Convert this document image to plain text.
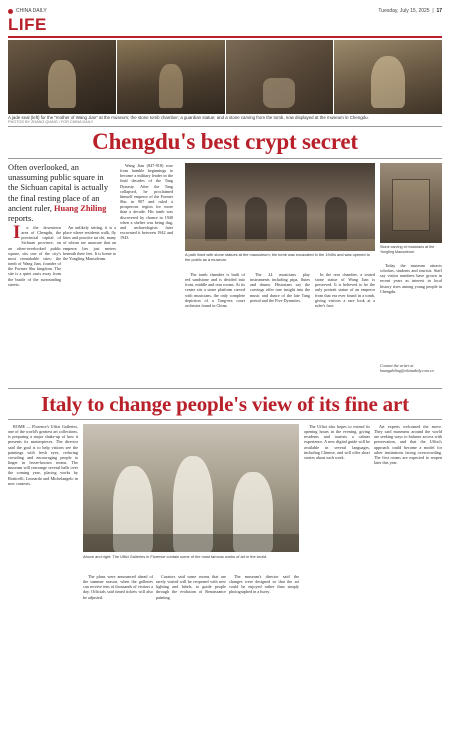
CHINA DAILY	Tuesday, July 15, 2025  |  17
LIFE
A jade seal (left) for the "mother of Wang Jian" at the museum; the stone tomb chamber; a guardian statue; and a stone carving from the tomb, now displayed at the museum in Chengdu.
PHOTOS BY ZHANG QIANG / FOR CHINA DAILY
Chengdu's best crypt secret
Often overlooked, an unassuming public square in the Sichuan capital is actually the final resting place of an ancient ruler, Huang Zhiling reports.

I n the downtown area of Chengdu, the provincial capital of Sichuan province, on an often-overlooked public square, sits one of the city's most remarkable sites: the tomb of Wang Jian, founder of the Former Shu kingdom. The site is a quiet oasis away from the bustle of the surrounding streets.

An unlikely setting, it is a place where residents walk, fly kites and practice tai chi, many of whom are unaware that an emperor lies just meters beneath their feet. It is home to the Yongling Mausoleum.

Wang Jian (847-918) rose from humble beginnings to become a military leader in the final decades of the Tang Dynasty. After the Tang collapsed, he proclaimed himself emperor of the Former Shu in 907 and ruled a prosperous region for more than a decade. His tomb was discovered by chance in 1940 when a shelter was being dug, and archaeologists later excavated it between 1942 and 1943.

A path lined with stone statues at the mausoleum; the tomb was excavated in the 1940s and was opened to the public as a museum.

The tomb chamber is built of red sandstone and is divided into front, middle and rear rooms. At its center sits a stone platform carved with musicians, the only complete depiction of a Tang-era court orchestra found in China.

The 24 musicians play instruments including pipa, flutes and drums. Historians say the carvings offer rare insight into the music and dance of the late Tang period and the Five Dynasties.

In the rear chamber, a seated stone statue of Wang Jian is preserved. It is believed to be the only portrait statue of an emperor from that era ever found in a tomb, giving visitors a rare look at a ruler's face.

Stone carving of musicians at the Yongling Mausoleum.

Today the museum attracts scholars, students and tourists. Staff say visitor numbers have grown in recent years as interest in local history rises among young people in Chengdu.

Contact the writer at huangzhiling@chinadaily.com.cn
Italy to change people's view of its fine art

ROME — Florence's Uffizi Galleries, one of the world's greatest art collections, is preparing a major shake-up of how it presents its masterpieces. The director said the goal is to help visitors see the paintings with fresh eyes, reducing crowding and encouraging people to linger in lesser-known rooms. The museum will rearrange several halls over the coming year, placing works by Botticelli, Leonardo and Michelangelo in new contexts.

Above and right: The Uffizi Galleries in Florence contain some of the most famous works of art in the world.

The plans were announced ahead of the summer season, when the galleries can receive tens of thousands of visitors a day. Officials said timed tickets will also be adjusted.

Curators said some rooms that are rarely visited will be reopened with new lighting and labels, to guide people through the evolution of Renaissance painting.

The museum's director said the changes were designed so that the art could be enjoyed rather than simply photographed in a hurry.

The Uffizi also hopes to extend its opening hours in the evening, giving residents and tourists a calmer experience. A new digital guide will be available in several languages, including Chinese, and will offer short stories about each work.

Art experts welcomed the move. They said museums around the world are seeking ways to balance access with preservation, and that the Uffizi's approach could become a model for other institutions facing overcrowding. The first rooms are expected to reopen later this year.
